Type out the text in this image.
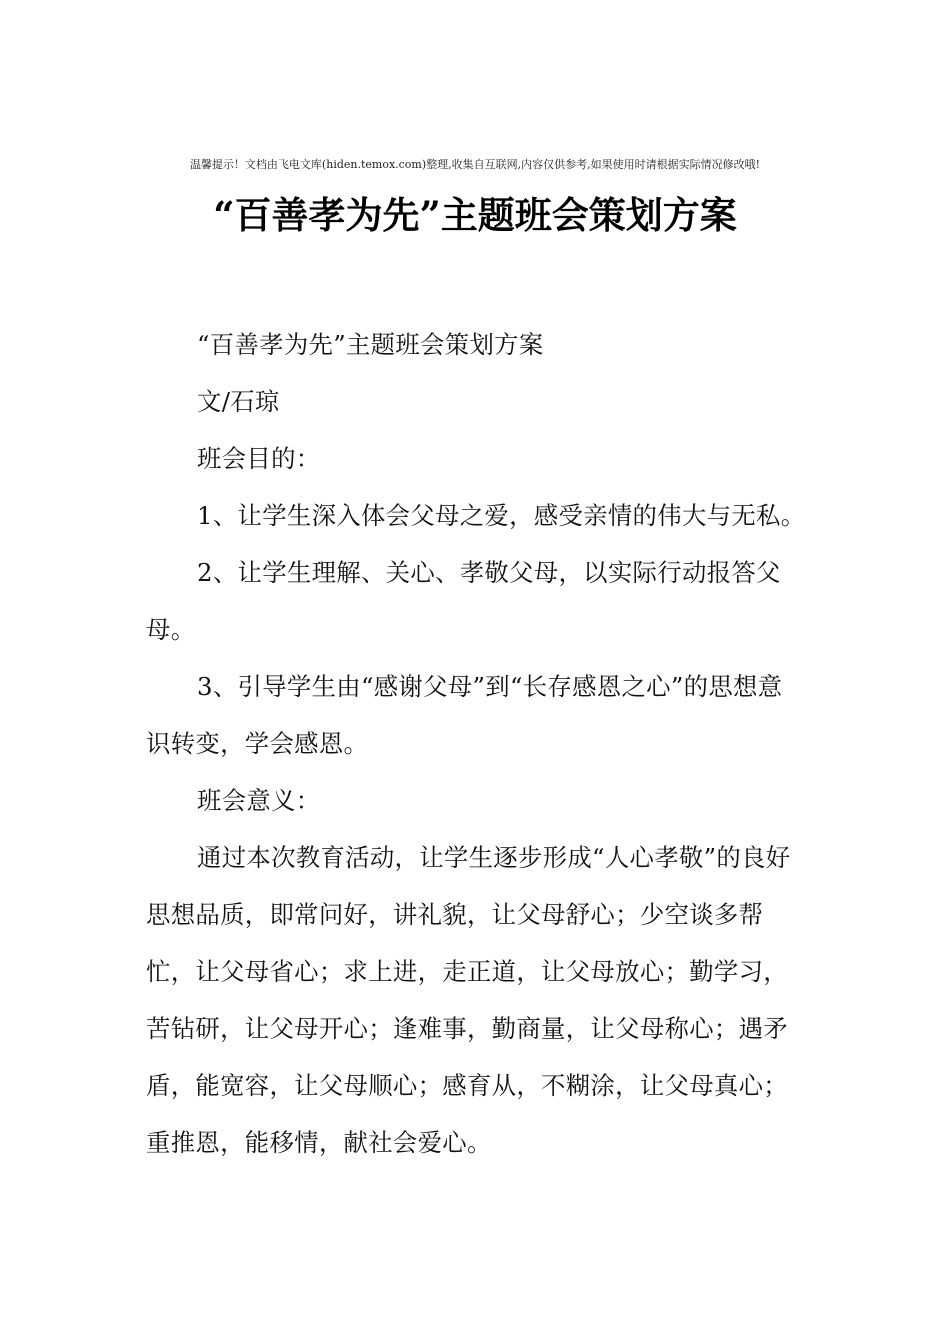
温馨提示！文档由飞电文库(hiden.temox.com)整理,收集自互联网,内容仅供参考,如果使用时请根据实际情况修改哦!
“百善孝为先”主题班会策划方案

“百善孝为先”主题班会策划方案

文/石琼

班会目的：

1、让学生深入体会父母之爱，感受亲情的伟大与无私。

2、让学生理解、关心、孝敬父母，以实际行动报答父母。

3、引导学生由“感谢父母”到“长存感恩之心”的思想意识转变，学会感恩。

班会意义：

通过本次教育活动，让学生逐步形成“人心孝敬”的良好思想品质，即常问好，讲礼貌，让父母舒心；少空谈多帮忙，让父母省心；求上进，走正道，让父母放心；勤学习，苦钻研，让父母开心；逢难事，勤商量，让父母称心；遇矛盾，能宽容，让父母顺心；感育从，不糊涂，让父母真心；重推恩，能移情，献社会爱心。
